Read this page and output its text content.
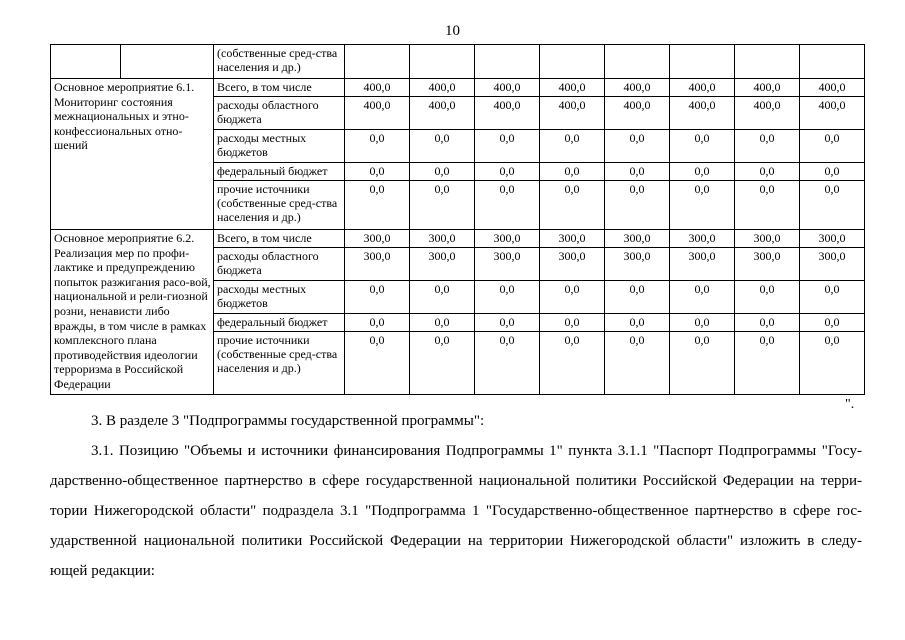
10
		(собственные сред-ства населения и др.)								
Основное мероприятие 6.1. Мониторинг состояния межнациональных и этно-конфессиональных отно-шений		Всего, в том числе	400,0	400,0	400,0	400,0	400,0	400,0	400,0	400,0
		расходы областного бюджета	400,0	400,0	400,0	400,0	400,0	400,0	400,0	400,0
		расходы местных бюджетов	0,0	0,0	0,0	0,0	0,0	0,0	0,0	0,0
		федеральный бюджет	0,0	0,0	0,0	0,0	0,0	0,0	0,0	0,0
		прочие источники (собственные сред-ства населения и др.)	0,0	0,0	0,0	0,0	0,0	0,0	0,0	0,0
Основное мероприятие 6.2. Реализация мер по профи-лактике и предупреждению попыток разжигания расо-вой, национальной и рели-гиозной розни, ненависти либо вражды, в том числе в рамках комплексного плана противодействия идеологии терроризма в Российской Федерации		Всего, в том числе	300,0	300,0	300,0	300,0	300,0	300,0	300,0	300,0
		расходы областного бюджета	300,0	300,0	300,0	300,0	300,0	300,0	300,0	300,0
		расходы местных бюджетов	0,0	0,0	0,0	0,0	0,0	0,0	0,0	0,0
		федеральный бюджет	0,0	0,0	0,0	0,0	0,0	0,0	0,0	0,0
		прочие источники (собственные сред-ства населения и др.)	0,0	0,0	0,0	0,0	0,0	0,0	0,0	0,0
".
3. В разделе 3 "Подпрограммы государственной программы":
3.1. Позицию "Объемы и источники финансирования Подпрограммы 1" пункта 3.1.1 "Паспорт Подпрограммы "Госу-дарственно-общественное партнерство в сфере государственной национальной политики Российской Федерации на терри-тории Нижегородской области" подраздела 3.1 "Подпрограмма 1 "Государственно-общественное партнерство в сфере гос-ударственной национальной политики Российской Федерации на территории Нижегородской области" изложить в следу-ющей редакции:
